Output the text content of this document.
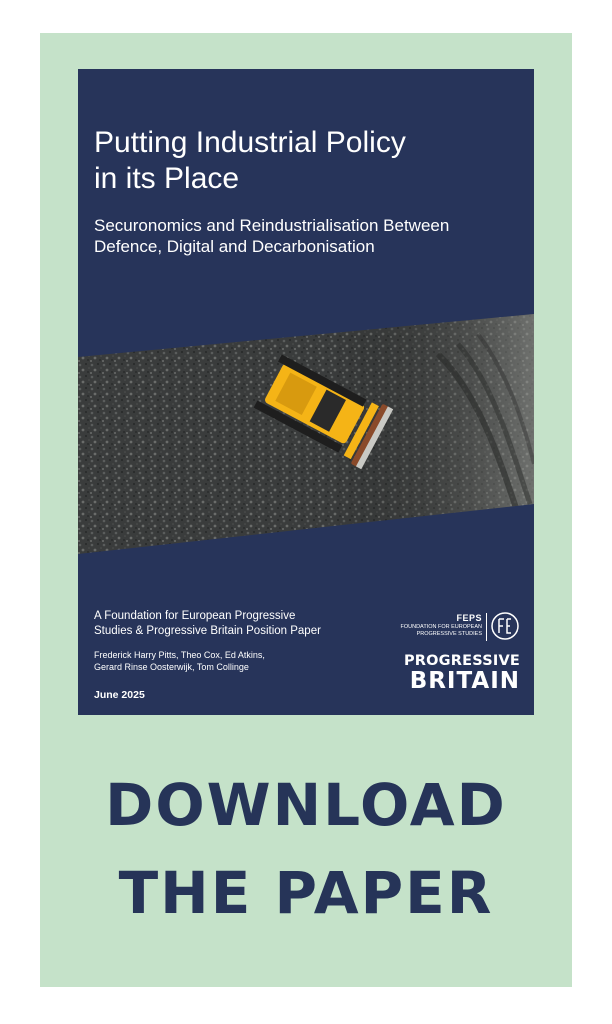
Putting Industrial Policy
in its Place
Securonomics and Reindustrialisation Between
Defence, Digital and Decarbonisation
A Foundation for European Progressive
Studies & Progressive Britain Position Paper
Frederick Harry Pitts, Theo Cox, Ed Atkins,
Gerard Rinse Oosterwijk, Tom Collinge
June 2025
FEPS
FOUNDATION FOR EUROPEAN
PROGRESSIVE STUDIES
PROGRESSIVE
BRITAIN
DOWNLOAD
THE PAPER
